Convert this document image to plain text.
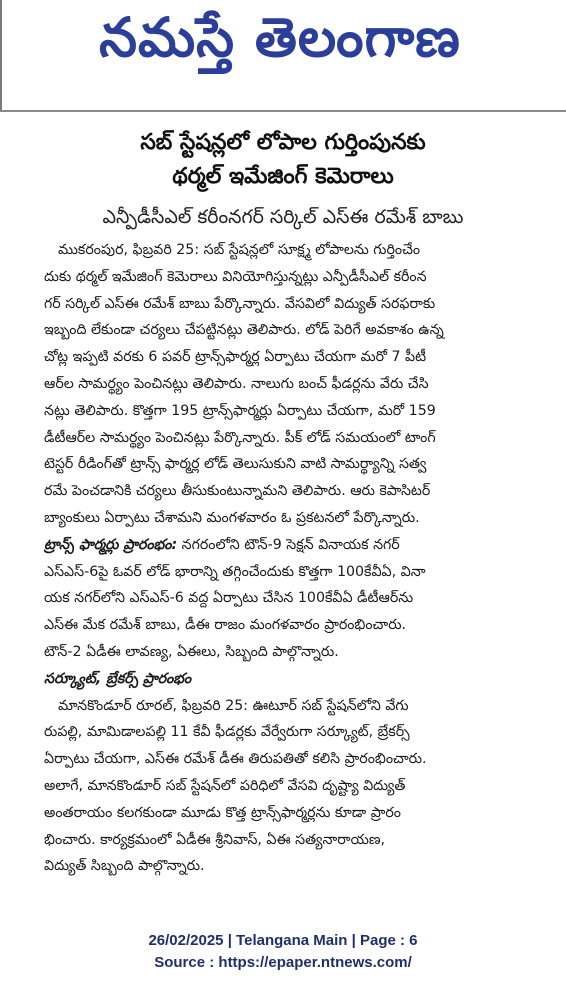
నమస్తే తెలంగాణ
సబ్ స్టేషన్లలో లోపాల గుర్తింపునకు
థర్మల్ ఇమేజింగ్ కెమెరాలు
ఎన్పీడీసీఎల్ కరీంనగర్ సర్కిల్ ఎస్ఈ రమేశ్ బాబు
ముకరంపుర, ఫిబ్రవరి 25: సబ్ స్టేషన్లలో సూక్ష్మ లోపాలను గుర్తించేం
దుకు థర్మల్ ఇమేజింగ్ కెమెరాలు వినియోగిస్తున్నట్లు ఎన్పీడీసీఎల్ కరీంన
గర్ సర్కిల్ ఎస్ఈ రమేశ్ బాబు పేర్కొన్నారు. వేసవిలో విద్యుత్ సరఫరాకు
ఇబ్బంది లేకుండా చర్యలు చేపట్టినట్లు తెలిపారు. లోడ్ పెరిగే అవకాశం ఉన్న
చోట్ల ఇప్పటి వరకు 6 పవర్ ట్రాన్స్‌ఫార్మర్ల ఏర్పాటు చేయగా మరో 7 పీటీ
ఆర్‌ల సామర్థ్యం పెంచినట్లు తెలిపారు. నాలుగు బంచ్ ఫీడర్లను వేరు చేసి
నట్లు తెలిపారు. కొత్తగా 195 ట్రాన్స్‌ఫార్మర్లు ఏర్పాటు చేయగా, మరో 159
డీటీఆర్‌ల సామర్థ్యం పెంచినట్లు పేర్కొన్నారు. పీక్ లోడ్ సమయంలో టాంగ్
టెస్టర్ రీడింగ్‌తో ట్రాన్స్ ఫార్మర్ల లోడ్ తెలుసుకుని వాటి సామర్థ్యాన్ని సత్వ
రమే పెంచడానికి చర్యలు తీసుకుంటున్నామని తెలిపారు. ఆరు కెపాసిటర్
బ్యాంకులు ఏర్పాటు చేశామని మంగళవారం ఓ ప్రకటనలో పేర్కొన్నారు.
ట్రాన్స్ ఫార్మర్లు ప్రారంభం: నగరంలోని టౌన్-9 సెక్షన్ వినాయక నగర్
ఎస్ఎస్-6పై ఓవర్ లోడ్ భారాన్ని తగ్గించేందుకు కొత్తగా 100కేవీఏ, వినా
యక నగర్‌లోని ఎస్ఎస్-6 వద్ద ఏర్పాటు చేసిన 100కేవీఏ డీటీఆర్‌ను
ఎస్ఈ మేక రమేశ్ బాబు, డీఈ రాజం మంగళవారం ప్రారంభించారు.
టౌన్-2 ఏడీఈ లావణ్య, ఏఈలు, సిబ్బంది పాల్గొన్నారు.
సర్క్యూట్, బ్రేకర్స్ ప్రారంభం
మానకొండూర్ రూరల్, ఫిబ్రవరి 25: ఊటూర్ సబ్ స్టేషన్‌లోని వేగు
రుపల్లి, మామిడాలపల్లి 11 కేవీ ఫీడర్లకు వేర్వేరుగా సర్క్యూట్, బ్రేకర్స్
ఏర్పాటు చేయగా, ఎస్ఈ రమేశ్ డీఈ తిరుపతితో కలిసి ప్రారంభించారు.
అలాగే, మానకొండూర్ సబ్ స్టేషన్‌లో పరిధిలో వేసవి దృష్ట్యా విద్యుత్
అంతరాయం కలగకుండా మూడు కొత్త ట్రాన్స్‌ఫార్మర్లను కూడా ప్రారం
భించారు. కార్యక్రమంలో ఏడీఈ శ్రీనివాస్, ఏఈ సత్యనారాయణ,
విద్యుత్ సిబ్బంది పాల్గొన్నారు.
26/02/2025 | Telangana Main | Page : 6
Source : https://epaper.ntnews.com/
